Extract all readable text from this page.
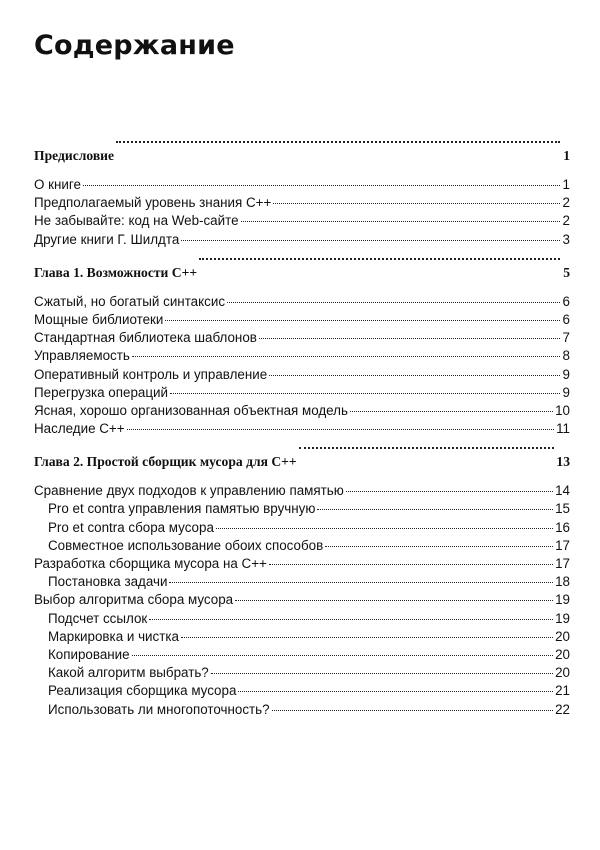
Содержание
Предисловие	1
О книге	1
Предполагаемый уровень знания C++	2
Не забывайте: код на Web-сайте	2
Другие книги Г. Шилдта	3
Глава 1. Возможности C++	5
Сжатый, но богатый синтаксис	6
Мощные библиотеки	6
Стандартная библиотека шаблонов	7
Управляемость	8
Оперативный контроль и управление	9
Перегрузка операций	9
Ясная, хорошо организованная объектная модель	10
Наследие C++	11
Глава 2. Простой сборщик мусора для C++	13
Сравнение двух подходов к управлению памятью	14
Pro et contra управления памятью вручную	15
Pro et contra сбора мусора	16
Совместное использование обоих способов	17
Разработка сборщика мусора на C++	17
Постановка задачи	18
Выбор алгоритма сбора мусора	19
Подсчет ссылок	19
Маркировка и чистка	20
Копирование	20
Какой алгоритм выбрать?	20
Реализация сборщика мусора	21
Использовать ли многопоточность?	22
